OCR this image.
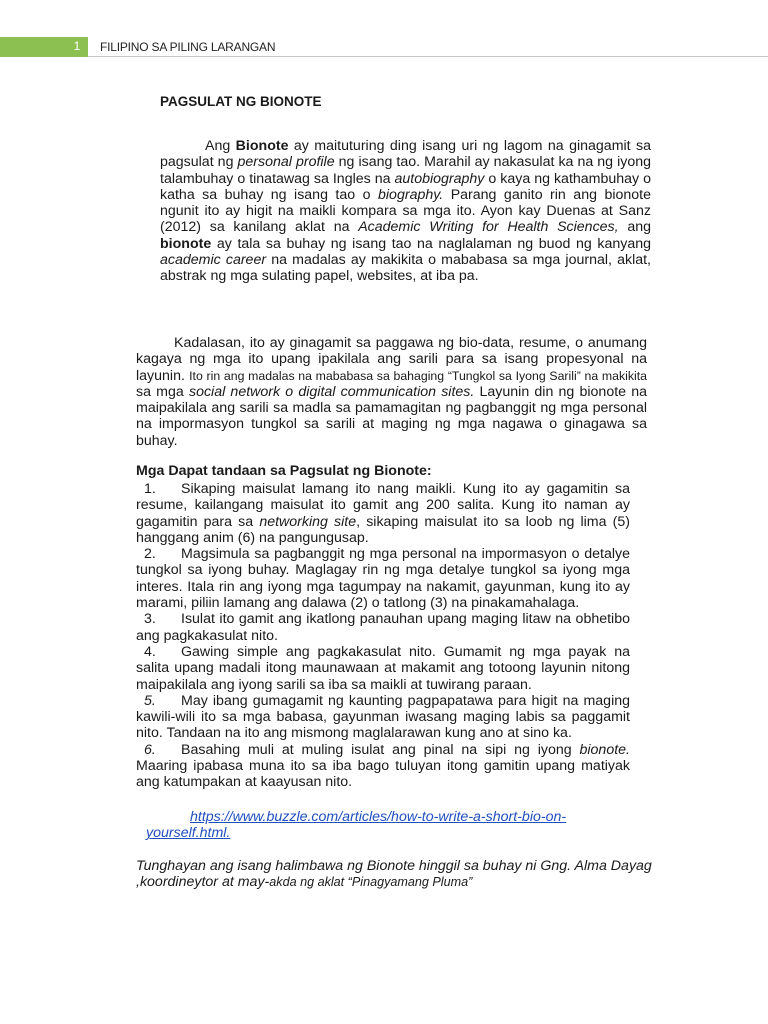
1	FILIPINO SA PILING LARANGAN
PAGSULAT NG BIONOTE

Ang Bionote ay maituturing ding isang uri ng lagom na ginagamit sa pagsulat ng personal profile ng isang tao. Marahil ay nakasulat ka na ng iyong talambuhay o tinatawag sa Ingles na autobiography o kaya ng kathambuhay o katha sa buhay ng isang tao o biography. Parang ganito rin ang bionote ngunit ito ay higit na maikli kompara sa mga ito. Ayon kay Duenas at Sanz (2012) sa kanilang aklat na Academic Writing for Health Sciences, ang bionote ay tala sa buhay ng isang tao na naglalaman ng buod ng kanyang academic career na madalas ay makikita o mababasa sa mga journal, aklat, abstrak ng mga sulating papel, websites, at iba pa.

Kadalasan, ito ay ginagamit sa paggawa ng bio-data, resume, o anumang kagaya ng mga ito upang ipakilala ang sarili para sa isang propesyonal na layunin. Ito rin ang madalas na mababasa sa bahaging “Tungkol sa Iyong Sarili” na makikita sa mga social network o digital communication sites. Layunin din ng bionote na maipakilala ang sarili sa madla sa pamamagitan ng pagbanggit ng mga personal na impormasyon tungkol sa sarili at maging ng mga nagawa o ginagawa sa buhay.

Mga Dapat tandaan sa Pagsulat ng Bionote:

1. Sikaping maisulat lamang ito nang maikli. Kung ito ay gagamitin sa resume, kailangang maisulat ito gamit ang 200 salita. Kung ito naman ay gagamitin para sa networking site, sikaping maisulat ito sa loob ng lima (5) hanggang anim (6) na pangungusap.

2. Magsimula sa pagbanggit ng mga personal na impormasyon o detalye tungkol sa iyong buhay. Maglagay rin ng mga detalye tungkol sa iyong mga interes. Itala rin ang iyong mga tagumpay na nakamit, gayunman, kung ito ay marami, piliin lamang ang dalawa (2) o tatlong (3) na pinakamahalaga.

3. Isulat ito gamit ang ikatlong panauhan upang maging litaw na obhetibo ang pagkakasulat nito.

4. Gawing simple ang pagkakasulat nito. Gumamit ng mga payak na salita upang madali itong maunawaan at makamit ang totoong layunin nitong maipakilala ang iyong sarili sa iba sa maikli at tuwirang paraan.

5. May ibang gumagamit ng kaunting pagpapatawa para higit na maging kawili-wili ito sa mga babasa, gayunman iwasang maging labis sa paggamit nito. Tandaan na ito ang mismong maglalarawan kung ano at sino ka.

6. Basahing muli at muling isulat ang pinal na sipi ng iyong bionote. Maaring ipabasa muna ito sa iba bago tuluyan itong gamitin upang matiyak ang katumpakan at kaayusan nito.

https://www.buzzle.com/articles/how-to-write-a-short-bio-on-yourself.html.

Tunghayan ang isang halimbawa ng Bionote hinggil sa buhay ni Gng. Alma Dayag ,koordineytor at may-akda ng aklat “Pinagyamang Pluma”
